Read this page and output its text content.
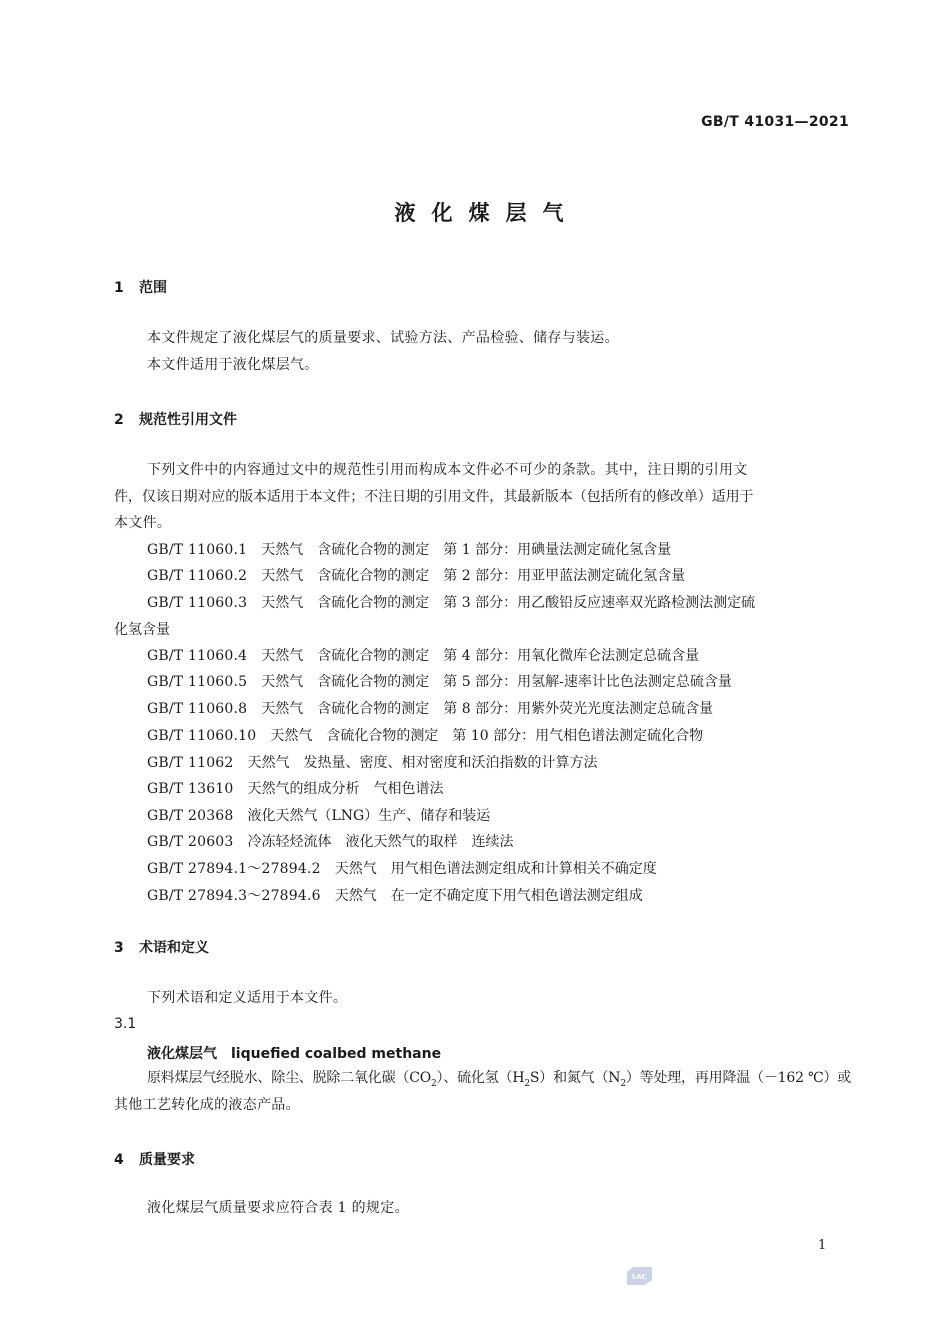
GB/T 41031—2021
液化煤层气
1 范围
本文件规定了液化煤层气的质量要求、试验方法、产品检验、储存与装运。
本文件适用于液化煤层气。
2 规范性引用文件
下列文件中的内容通过文中的规范性引用而构成本文件必不可少的条款。其中，注日期的引用文
件，仅该日期对应的版本适用于本文件；不注日期的引用文件，其最新版本（包括所有的修改单）适用于
本文件。
GB/T 11060.1 天然气　含硫化合物的测定　第 1 部分：用碘量法测定硫化氢含量
GB/T 11060.2 天然气　含硫化合物的测定　第 2 部分：用亚甲蓝法测定硫化氢含量
GB/T 11060.3 天然气　含硫化合物的测定　第 3 部分：用乙酸铅反应速率双光路检测法测定硫
化氢含量
GB/T 11060.4 天然气　含硫化合物的测定　第 4 部分：用氧化微库仑法测定总硫含量
GB/T 11060.5 天然气　含硫化合物的测定　第 5 部分：用氢解-速率计比色法测定总硫含量
GB/T 11060.8 天然气　含硫化合物的测定　第 8 部分：用紫外荧光光度法测定总硫含量
GB/T 11060.10 天然气　含硫化合物的测定　第 10 部分：用气相色谱法测定硫化合物
GB/T 11062 天然气　发热量、密度、相对密度和沃泊指数的计算方法
GB/T 13610 天然气的组成分析　气相色谱法
GB/T 20368 液化天然气（LNG）生产、储存和装运
GB/T 20603 冷冻轻烃流体　液化天然气的取样　连续法
GB/T 27894.1～27894.2 天然气　用气相色谱法测定组成和计算相关不确定度
GB/T 27894.3～27894.6 天然气　在一定不确定度下用气相色谱法测定组成
3 术语和定义
下列术语和定义适用于本文件。
3.1
液化煤层气 liquefied coalbed methane
原料煤层气经脱水、除尘、脱除二氧化碳$(CO_2)$、硫化氢$(H_2S)$和氮气$(N_2)$等处理，再用降温（－162 ℃）或
其他工艺转化成的液态产品。
4 质量要求
液化煤层气质量要求应符合表 1 的规定。
1
SAC
